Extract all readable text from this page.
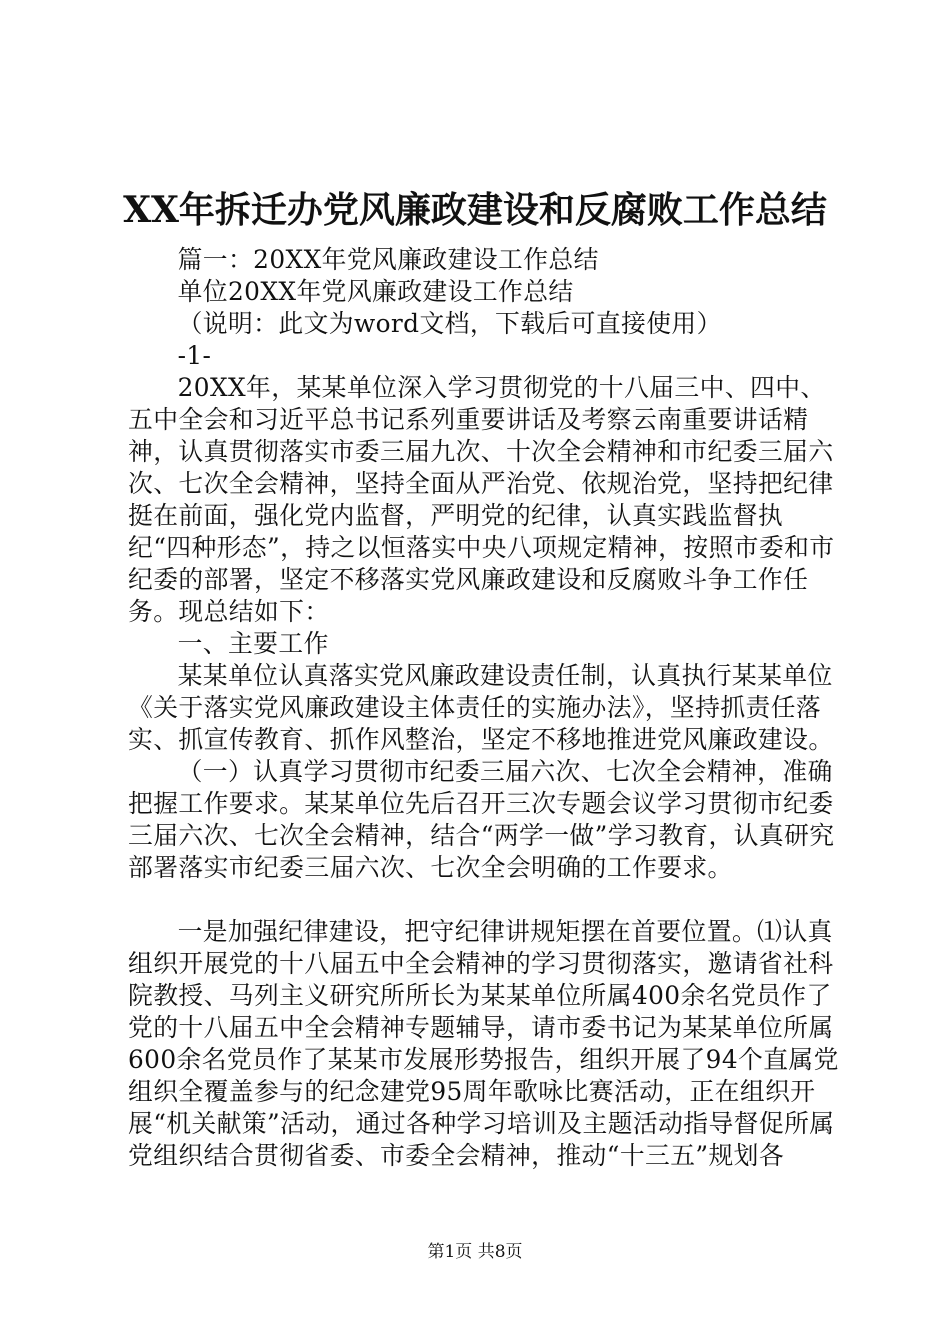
XX年拆迁办党风廉政建设和反腐败工作总结

篇一：20XX年党风廉政建设工作总结

单位20XX年党风廉政建设工作总结

（说明：此文为word文档，下载后可直接使用）

-1-

20XX年，某某单位深入学习贯彻党的十八届三中、四中、五中全会和习近平总书记系列重要讲话及考察云南重要讲话精神，认真贯彻落实市委三届九次、十次全会精神和市纪委三届六次、七次全会精神，坚持全面从严治党、依规治党，坚持把纪律挺在前面，强化党内监督，严明党的纪律，认真实践监督执纪“四种形态”，持之以恒落实中央八项规定精神，按照市委和市纪委的部署，坚定不移落实党风廉政建设和反腐败斗争工作任务。现总结如下：

一、主要工作

某某单位认真落实党风廉政建设责任制，认真执行某某单位《关于落实党风廉政建设主体责任的实施办法》，坚持抓责任落实、抓宣传教育、抓作风整治，坚定不移地推进党风廉政建设。

（一）认真学习贯彻市纪委三届六次、七次全会精神，准确把握工作要求。某某单位先后召开三次专题会议学习贯彻市纪委三届六次、七次全会精神，结合“两学一做”学习教育，认真研究部署落实市纪委三届六次、七次全会明确的工作要求。

一是加强纪律建设，把守纪律讲规矩摆在首要位置。⑴认真组织开展党的十八届五中全会精神的学习贯彻落实，邀请省社科院教授、马列主义研究所所长为某某单位所属400余名党员作了党的十八届五中全会精神专题辅导，请市委书记为某某单位所属600余名党员作了某某市发展形势报告，组织开展了94个直属党组织全覆盖参与的纪念建党95周年歌咏比赛活动，正在组织开展“机关献策”活动，通过各种学习培训及主题活动指导督促所属党组织结合贯彻省委、市委全会精神，推动“十三五”规划各

第1页 共8页
